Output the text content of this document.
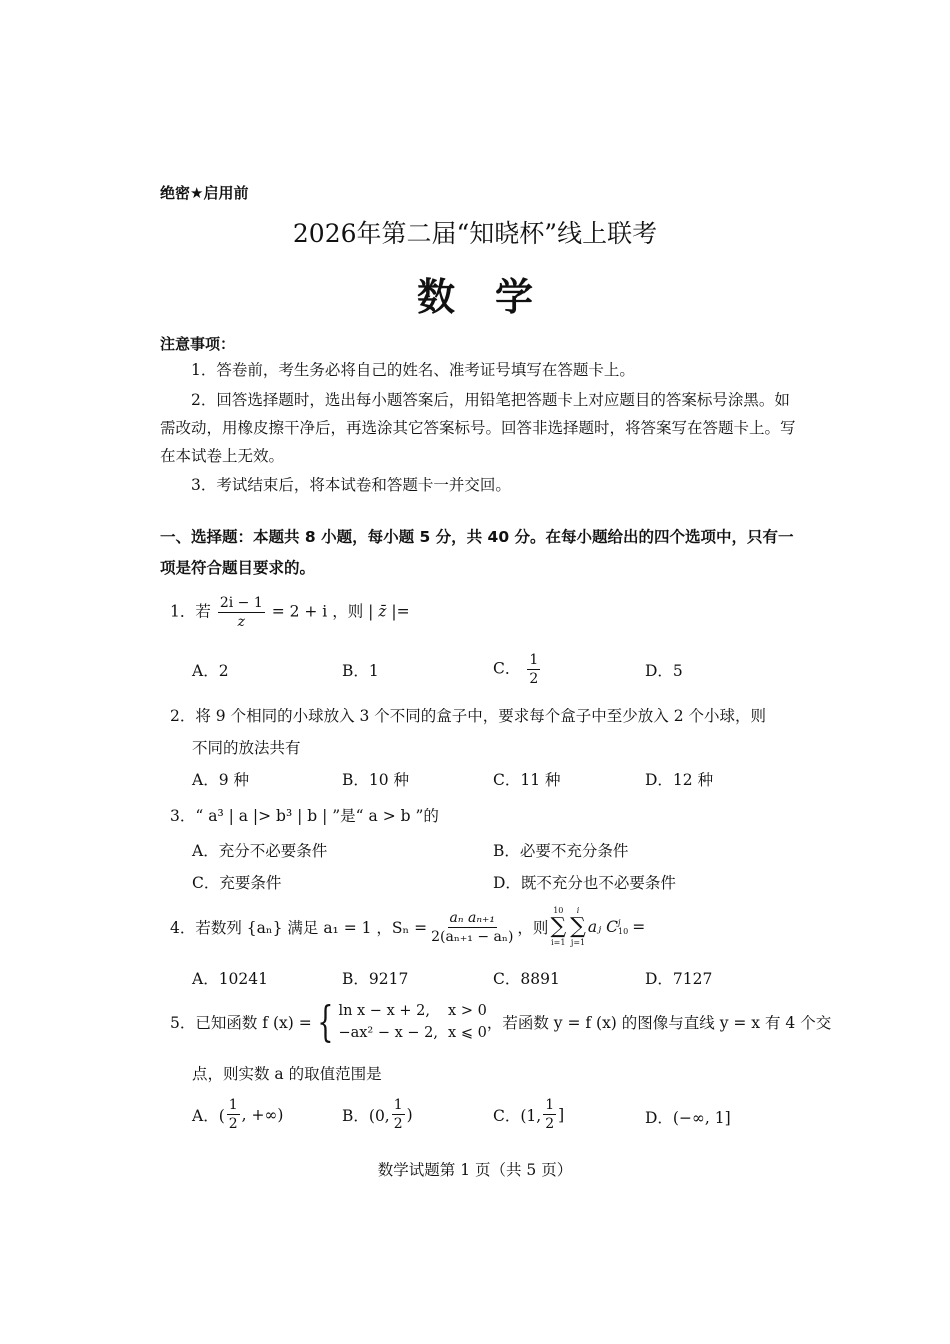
绝密★启用前
2026年第二届“知晓杯”线上联考
数学
注意事项：
1．答卷前，考生务必将自己的姓名、准考证号填写在答题卡上。
2．回答选择题时，选出每小题答案后，用铅笔把答题卡上对应题目的答案标号涂黑。如需改动，用橡皮擦干净后，再选涂其它答案标号。回答非选择题时，将答案写在答题卡上。写在本试卷上无效。
3．考试结束后，将本试卷和答题卡一并交回。
一、选择题：本题共 8 小题，每小题 5 分，共 40 分。在每小题给出的四个选项中，只有一项是符合题目要求的。
1．若 $\frac{2i - 1}{z} = 2 + i$ ，则 | z̄ |=
A．2	B．1	C． $\frac{1}{2}$	D．5
2．将 9 个相同的小球放入 3 个不同的盒子中，要求每个盒子中至少放入 2 个小球，则
不同的放法共有
A．9 种	B．10 种	C．11 种	D．12 种
3．“ a³ | a |> b³ | b | ”是“ a > b ”的
A．充分不必要条件	B．必要不充分条件
C．充要条件	D．既不充分也不必要条件
4．若数列 {aₙ} 满足 a₁ = 1 ，$S_n = \frac{\text{aₙ aₙ₊₁}}{\text{2(aₙ₊₁ − aₙ)}}$ ，则
10
∑
i=1
i
∑
j=1
aⱼ C j
10 =
A．10241	B．9217	C．8891	D．7127
5．已知函数 f (x) = { ln x − x + 2, x > 0
−ax² − x − 2, x ⩽ 0
，若函数 y = f (x) 的图像与直线 y = x 有 4 个交
点，则实数 a 的取值范围是
A．( $\frac{1}{2}$ , +∞)	B．(0, $\frac{1}{2}$ )	C．(1, $\frac{1}{2}$ ]	D．(−∞, 1]
数学试题第 1 页（共 5 页）
